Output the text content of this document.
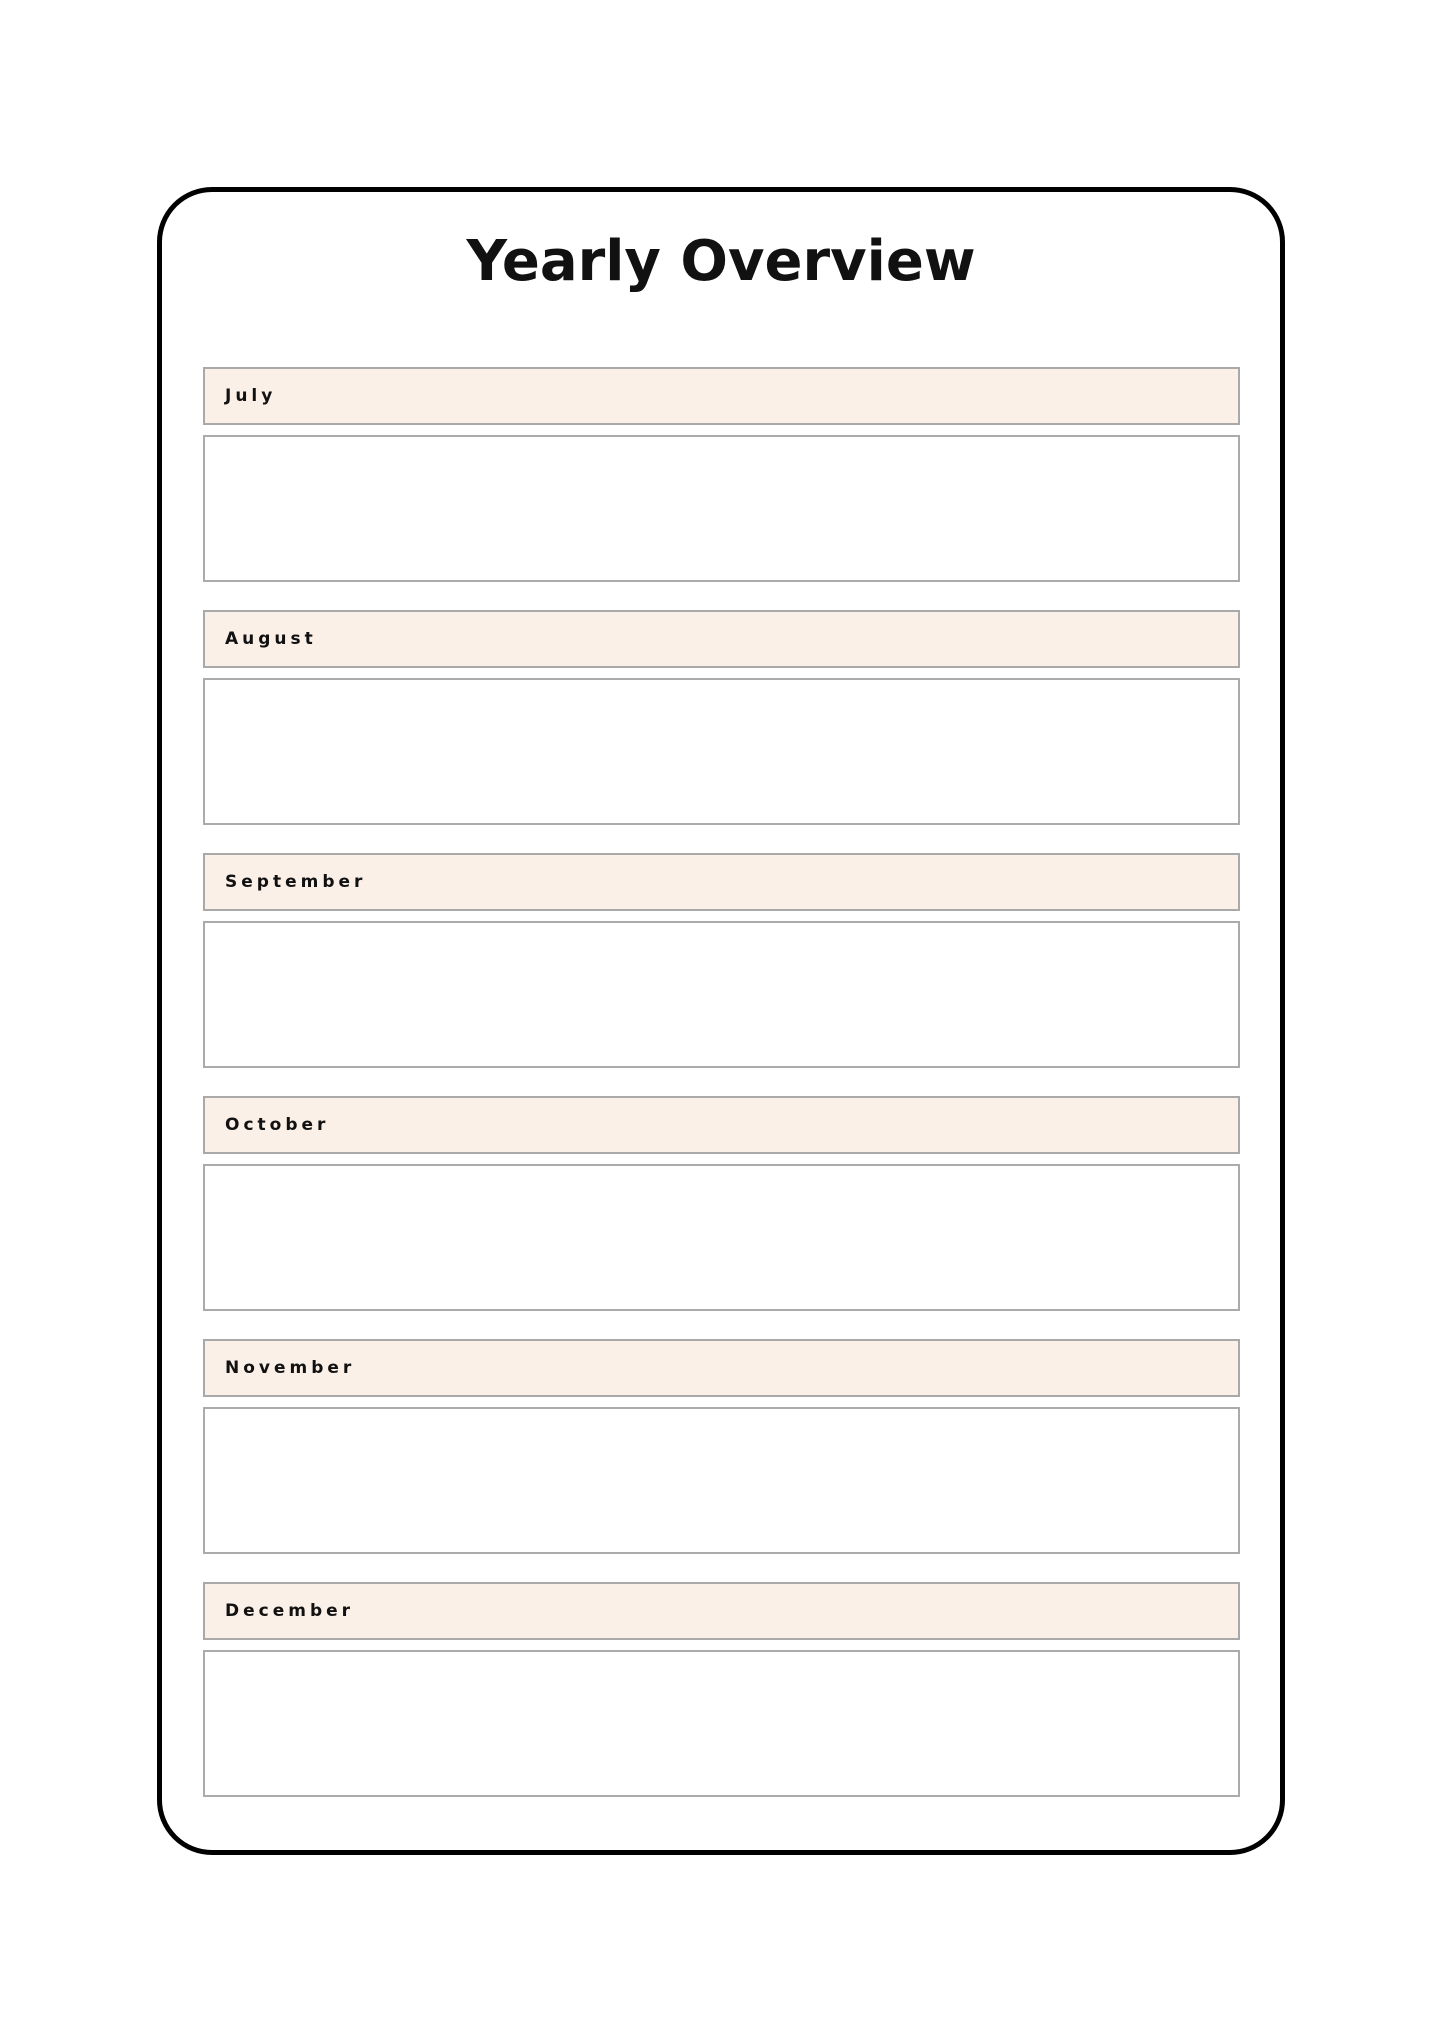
Yearly Overview
July
August
September
October
November
December
